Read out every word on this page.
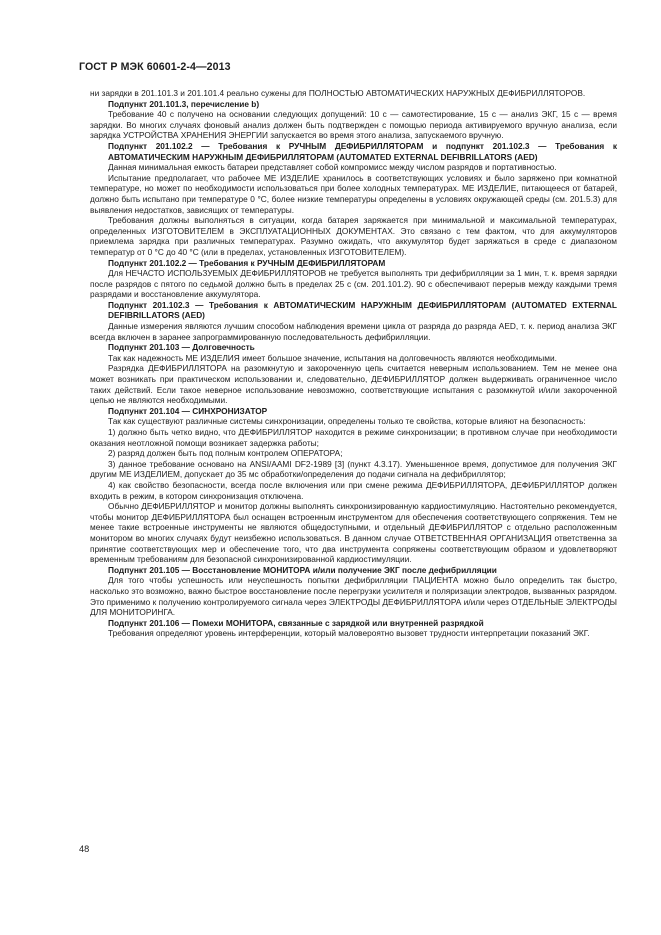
ГОСТ Р МЭК 60601-2-4—2013

ни зарядки в 201.101.3 и 201.101.4 реально сужены для ПОЛНОСТЬЮ АВТОМАТИЧЕСКИХ НАРУЖНЫХ ДЕФИБРИЛЛЯТОРОВ.

Подпункт 201.101.3, перечисление b)

Требование 40 с получено на основании следующих допущений: 10 с — самотестирование, 15 с — анализ ЭКГ, 15 с — время зарядки. Во многих случаях фоновый анализ должен быть подтвержден с помощью периода активируемого вручную анализа, если зарядка УСТРОЙСТВА ХРАНЕНИЯ ЭНЕРГИИ запускается во время этого анализа, запускаемого вручную.

Подпункт 201.102.2 — Требования к РУЧНЫМ ДЕФИБРИЛЛЯТОРАМ и подпункт 201.102.3 — Требования к АВТОМАТИЧЕСКИМ НАРУЖНЫМ ДЕФИБРИЛЛЯТОРАМ (AUTOMATED EXTERNAL DEFIBRILLATORS (AED)

Данная минимальная емкость батареи представляет собой компромисс между числом разрядов и портативностью.

Испытание предполагает, что рабочее МЕ ИЗДЕЛИЕ хранилось в соответствующих условиях и было заряжено при комнатной температуре, но может по необходимости использоваться при более холодных температурах. МЕ ИЗДЕЛИЕ, питающееся от батарей, должно быть испытано при температуре 0 °С, более низкие температуры определены в условиях окружающей среды (см. 201.5.3) для выявления недостатков, зависящих от температуры.

Требования должны выполняться в ситуации, когда батарея заряжается при минимальной и максимальной температурах, определенных ИЗГОТОВИТЕЛЕМ в ЭКСПЛУАТАЦИОННЫХ ДОКУМЕНТАХ. Это связано с тем фактом, что для аккумуляторов приемлема зарядка при различных температурах. Разумно ожидать, что аккумулятор будет заряжаться в среде с диапазоном температур от 0 °С до 40 °С (или в пределах, установленных ИЗГОТОВИТЕЛЕМ).

Подпункт 201.102.2 — Требования к РУЧНЫМ ДЕФИБРИЛЛЯТОРАМ

Для НЕЧАСТО ИСПОЛЬЗУЕМЫХ ДЕФИБРИЛЛЯТОРОВ не требуется выполнять три дефибрилляции за 1 мин, т. к. время зарядки после разрядов с пятого по седьмой должно быть в пределах 25 с (см. 201.101.2). 90 с обеспечивают перерыв между каждыми тремя разрядами и восстановление аккумулятора.

Подпункт 201.102.3 — Требования к АВТОМАТИЧЕСКИМ НАРУЖНЫМ ДЕФИБРИЛЛЯТОРАМ (AUTOMATED EXTERNAL DEFIBRILLATORS (AED)

Данные измерения являются лучшим способом наблюдения времени цикла от разряда до разряда AED, т. к. период анализа ЭКГ всегда включен в заранее запрограммированную последовательность дефибрилляции.

Подпункт 201.103 — Долговечность

Так как надежность МЕ ИЗДЕЛИЯ имеет большое значение, испытания на долговечность являются необходимыми.

Разрядка ДЕФИБРИЛЛЯТОРА на разомкнутую и закороченную цепь считается неверным использованием. Тем не менее она может возникать при практическом использовании и, следовательно, ДЕФИБРИЛЛЯТОР должен выдерживать ограниченное число таких действий. Если такое неверное использование невозможно, соответствующие испытания с разомкнутой и/или закороченной цепью не являются необходимыми.

Подпункт 201.104 — СИНХРОНИЗАТОР

Так как существуют различные системы синхронизации, определены только те свойства, которые влияют на безопасность:

1) должно быть четко видно, что ДЕФИБРИЛЛЯТОР находится в режиме синхронизации; в противном случае при необходимости оказания неотложной помощи возникает задержка работы;

2) разряд должен быть под полным контролем ОПЕРАТОРА;

3) данное требование основано на ANSI/AAMI DF2-1989 [3] (пункт 4.3.17). Уменьшенное время, допустимое для получения ЭКГ другим МЕ ИЗДЕЛИЕМ, допускает до 35 мс обработки/определения до подачи сигнала на дефибриллятор;

4) как свойство безопасности, всегда после включения или при смене режима ДЕФИБРИЛЛЯТОРА, ДЕФИБРИЛЛЯТОР должен входить в режим, в котором синхронизация отключена.

Обычно ДЕФИБРИЛЛЯТОР и монитор должны выполнять синхронизированную кардиостимуляцию. Настоятельно рекомендуется, чтобы монитор ДЕФИБРИЛЛЯТОРА был оснащен встроенным инструментом для обеспечения соответствующего сопряжения. Тем не менее такие встроенные инструменты не являются общедоступными, и отдельный ДЕФИБРИЛЛЯТОР с отдельно расположенным монитором во многих случаях будут неизбежно использоваться. В данном случае ОТВЕТСТВЕННАЯ ОРГАНИЗАЦИЯ ответственна за принятие соответствующих мер и обеспечение того, что два инструмента сопряжены соответствующим образом и удовлетворяют временным требованиям для безопасной синхронизированной кардиостимуляции.

Подпункт 201.105 — Восстановление МОНИТОРА и/или получение ЭКГ после дефибрилляции

Для того чтобы успешность или неуспешность попытки дефибрилляции ПАЦИЕНТА можно было определить так быстро, насколько это возможно, важно быстрое восстановление после перегрузки усилителя и поляризации электродов, вызванных разрядом. Это применимо к получению контролируемого сигнала через ЭЛЕКТРОДЫ ДЕФИБРИЛЛЯТОРА и/или через ОТДЕЛЬНЫЕ ЭЛЕКТРОДЫ ДЛЯ МОНИТОРИНГА.

Подпункт 201.106 — Помехи МОНИТОРА, связанные с зарядкой или внутренней разрядкой

Требования определяют уровень интерференции, который маловероятно вызовет трудности интерпретации показаний ЭКГ.

48
